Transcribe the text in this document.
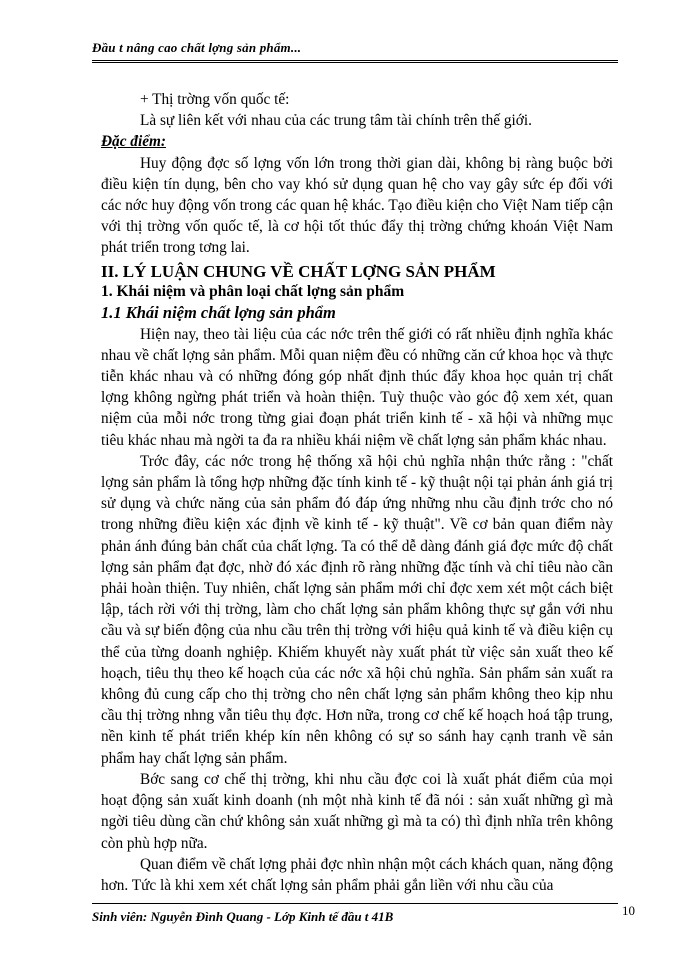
Đầu t nâng cao chất lợng sản phẩm...

+ Thị trờng vốn quốc tế:

Là sự liên kết với nhau của các trung tâm tài chính trên thế giới.

Đặc điểm:

Huy động đợc số lợng vốn lớn trong thời gian dài, không bị ràng buộc bởi điều kiện tín dụng, bên cho vay khó sử dụng quan hệ cho vay gây sức ép đối với các nớc huy động vốn trong các quan hệ khác. Tạo điều kiện cho Việt Nam tiếp cận với thị trờng vốn quốc tế, là cơ hội tốt thúc đẩy thị trờng chứng khoán Việt Nam phát triển trong tơng lai.

II. LÝ LUẬN CHUNG VỀ CHẤT LỢNG SẢN PHẨM

1. Khái niệm và phân loại chất lợng sản phẩm

1.1 Khái niệm chất lợng sản phẩm

Hiện nay, theo tài liệu của các nớc trên thế giới có rất nhiều định nghĩa khác nhau về chất lợng sản phẩm. Mỗi quan niệm đều có những căn cứ khoa học và thực tiễn khác nhau và có những đóng góp nhất định thúc đẩy khoa học quản trị chất lợng không ngừng phát triển và hoàn thiện. Tuỳ thuộc vào góc độ xem xét, quan niệm của mỗi nớc trong từng giai đoạn phát triển kinh tế - xã hội và những mục tiêu khác nhau mà ngời ta đa ra nhiều khái niệm về chất lợng sản phẩm khác nhau.

Trớc đây, các nớc trong hệ thống xã hội chủ nghĩa nhận thức rằng : "chất lợng sản phẩm là tổng hợp những đặc tính kinh tế - kỹ thuật nội tại phản ánh giá trị sử dụng và chức năng của sản phẩm đó đáp ứng những nhu cầu định trớc cho nó trong những điều kiện xác định về kinh tế - kỹ thuật". Về cơ bản quan điểm này phản ánh đúng bản chất của chất lợng. Ta có thể dễ dàng đánh giá đợc mức độ chất lợng sản phẩm đạt đợc, nhờ đó xác định rõ ràng những đặc tính và chỉ tiêu nào cần phải hoàn thiện. Tuy nhiên, chất lợng sản phẩm mới chỉ đợc xem xét một cách biệt lập, tách rời với thị trờng, làm cho chất lợng sản phẩm không thực sự gắn với nhu cầu và sự biến động của nhu cầu trên thị trờng với hiệu quả kinh tế và điều kiện cụ thể của từng doanh nghiệp. Khiếm khuyết này xuất phát từ việc sản xuất theo kế hoạch, tiêu thụ theo kế hoạch của các nớc xã hội chủ nghĩa. Sản phẩm sản xuất ra không đủ cung cấp cho thị trờng cho nên chất lợng sản phẩm không theo kịp nhu cầu thị trờng nhng vẫn tiêu thụ đợc. Hơn nữa, trong cơ chế kế hoạch hoá tập trung, nền kinh tế phát triển khép kín nên không có sự so sánh hay cạnh tranh về sản phẩm hay chất lợng sản phẩm.

Bớc sang cơ chế thị trờng, khi nhu cầu đợc coi là xuất phát điểm của mọi hoạt động sản xuất kinh doanh (nh một nhà kinh tế đã nói : sản xuất những gì mà ngời tiêu dùng cần chứ không sản xuất những gì mà ta có) thì định nhĩa trên không còn phù hợp nữa.

Quan điểm về chất lợng phải đợc nhìn nhận một cách khách quan, năng động hơn. Tức là khi xem xét chất lợng sản phẩm phải gắn liền với nhu cầu của

Sinh viên: Nguyễn Đình Quang - Lớp Kinh tế đầu t 41B	10
